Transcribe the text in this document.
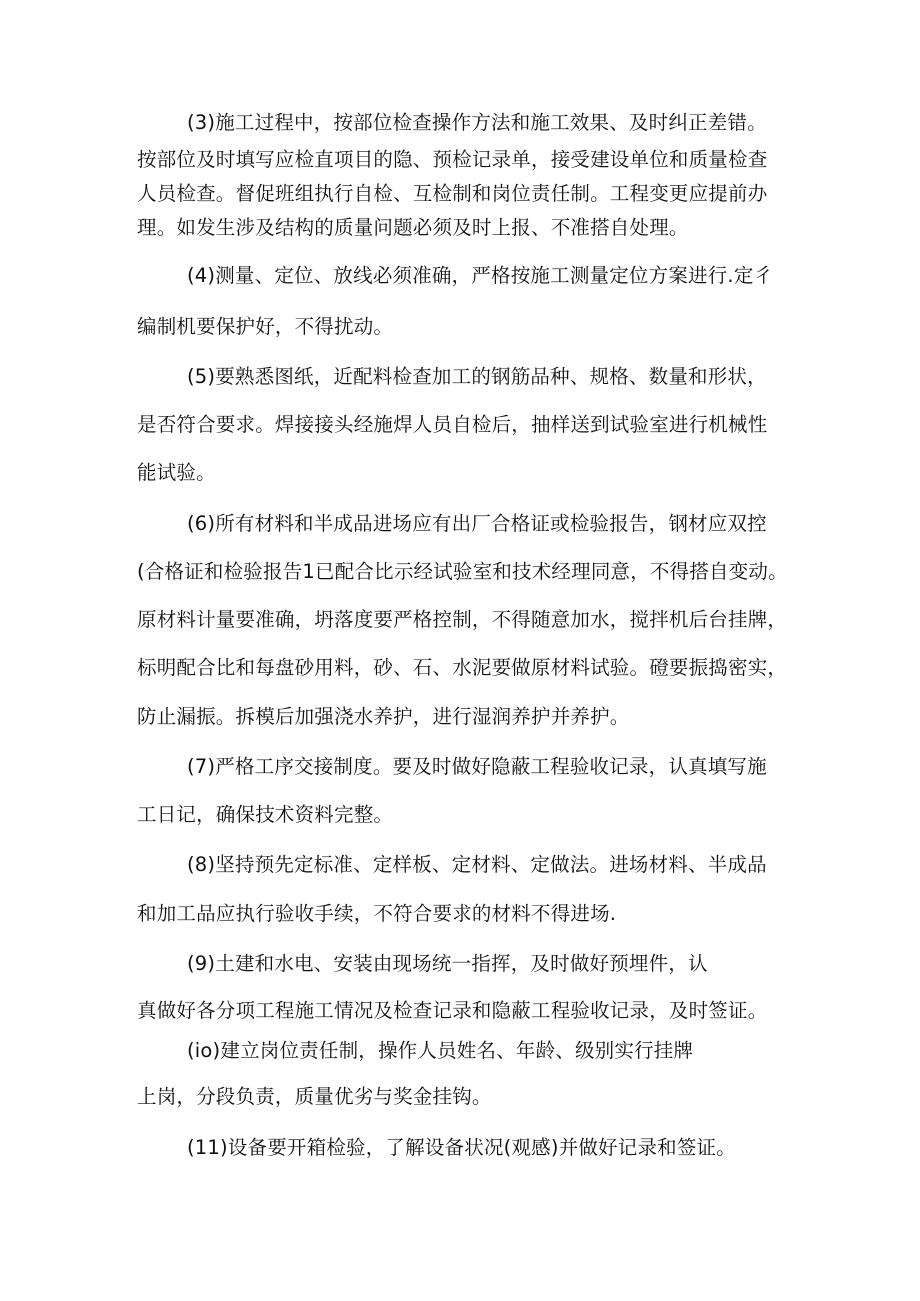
(3)施工过程中，按部位检查操作方法和施工效果、及时纠正差错。
按部位及时填写应检直项目的隐、预检记录单，接受建设单位和质量检查
人员检查。督促班组执行自检、互检制和岗位责任制。工程变更应提前办
理。如发生涉及结构的质量问题必须及时上报、不准搭自处理。
(4)测量、定位、放线必须准确，严格按施工测量定位方案进行.定彳
编制机要保护好，不得扰动。
(5)要熟悉图纸，近配料检查加工的钢筋品种、规格、数量和形状，
是否符合要求。焊接接头经施焊人员自检后，抽样送到试验室进行机械性
能试验。
(6)所有材料和半成品进场应有出厂合格证或检验报告，钢材应双控
(合格证和检验报告1已配合比示经试验室和技术经理同意，不得搭自变动。
原材料计量要准确，坍落度要严格控制，不得随意加水，搅拌机后台挂牌，
标明配合比和每盘砂用料，砂、石、水泥要做原材料试验。磴要振捣密实，
防止漏振。拆模后加强浇水养护，进行湿润养护并养护。
(7)严格工序交接制度。要及时做好隐蔽工程验收记录，认真填写施
工日记，确保技术资料完整。
(8)坚持预先定标准、定样板、定材料、定做法。进场材料、半成品
和加工品应执行验收手续，不符合要求的材料不得进场.
(9)土建和水电、安装由现场统一指挥，及时做好预埋件，认
真做好各分项工程施工情况及检查记录和隐蔽工程验收记录，及时签证。
(io)建立岗位责任制，操作人员姓名、年龄、级别实行挂牌
上岗，分段负责，质量优劣与奖金挂钩。
(11)设备要开箱检验，了解设备状况(观感)并做好记录和签证。
